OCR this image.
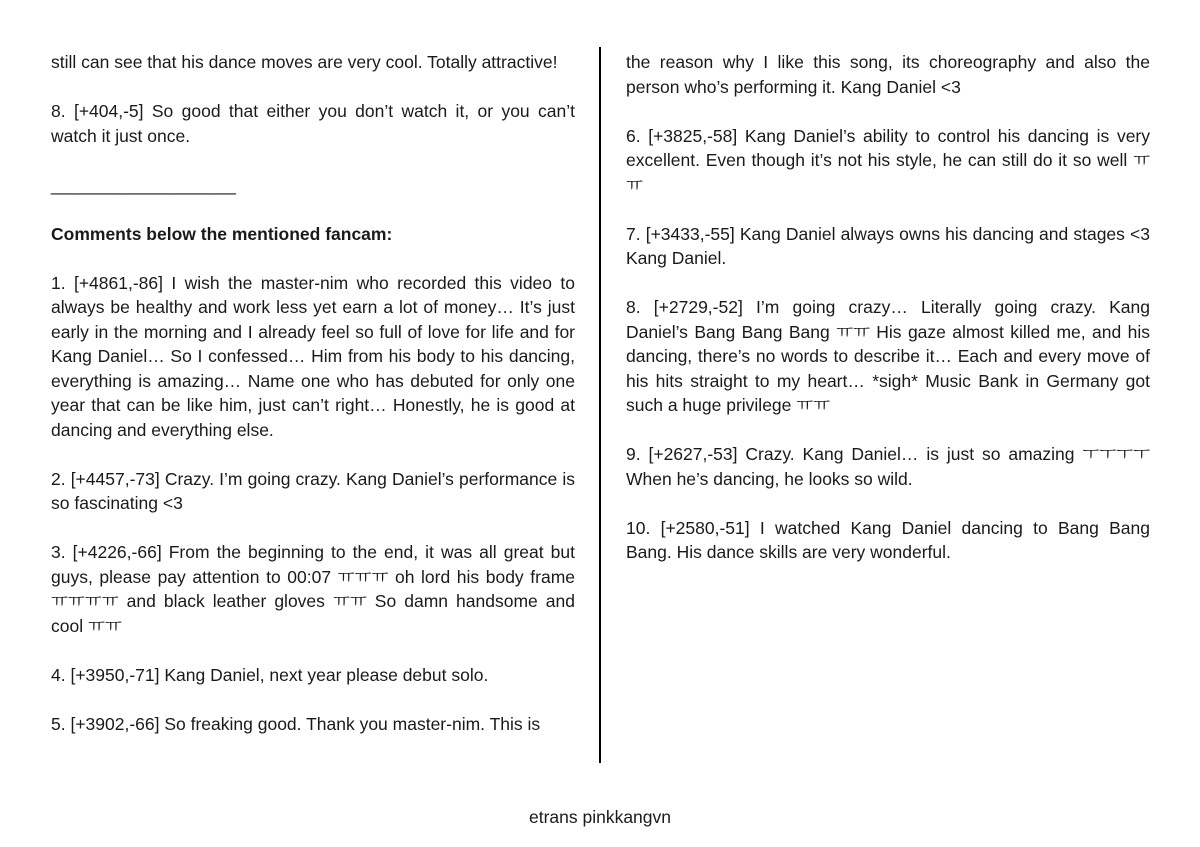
still can see that his dance moves are very cool. Totally attractive!

8. [+404,-5] So good that either you don’t watch it, or you can’t watch it just once.

___________________

Comments below the mentioned fancam:

1. [+4861,-86] I wish the master-nim who recorded this video to always be healthy and work less yet earn a lot of money… It’s just early in the morning and I already feel so full of love for life and for Kang Daniel… So I confessed… Him from his body to his dancing, everything is amazing… Name one who has debuted for only one year that can be like him, just can’t right… Honestly, he is good at dancing and everything else.

2. [+4457,-73] Crazy. I’m going crazy. Kang Daniel’s performance is so fascinating <3

3. [+4226,-66] From the beginning to the end, it was all great but guys, please pay attention to 00:07 ㅠㅠㅠ oh lord his body frame ㅠㅠㅠㅠ and black leather gloves ㅠㅠ So damn handsome and cool ㅠㅠ

4. [+3950,-71] Kang Daniel, next year please debut solo.

5. [+3902,-66] So freaking good. Thank you master-nim. This is

the reason why I like this song, its choreography and also the person who’s performing it. Kang Daniel <3

6. [+3825,-58] Kang Daniel’s ability to control his dancing is very excellent. Even though it’s not his style, he can still do it so well ㅠㅠ

7. [+3433,-55] Kang Daniel always owns his dancing and stages <3 Kang Daniel.

8. [+2729,-52] I’m going crazy… Literally going crazy. Kang Daniel’s Bang Bang Bang ㅠㅠ His gaze almost killed me, and his dancing, there’s no words to describe it… Each and every move of his hits straight to my heart… *sigh* Music Bank in Germany got such a huge privilege ㅠㅠ

9. [+2627,-53] Crazy. Kang Daniel… is just so amazing ㅜㅜㅜㅜ When he’s dancing, he looks so wild.

10. [+2580,-51] I watched Kang Daniel dancing to Bang Bang Bang. His dance skills are very wonderful.

etrans pinkkangvn
